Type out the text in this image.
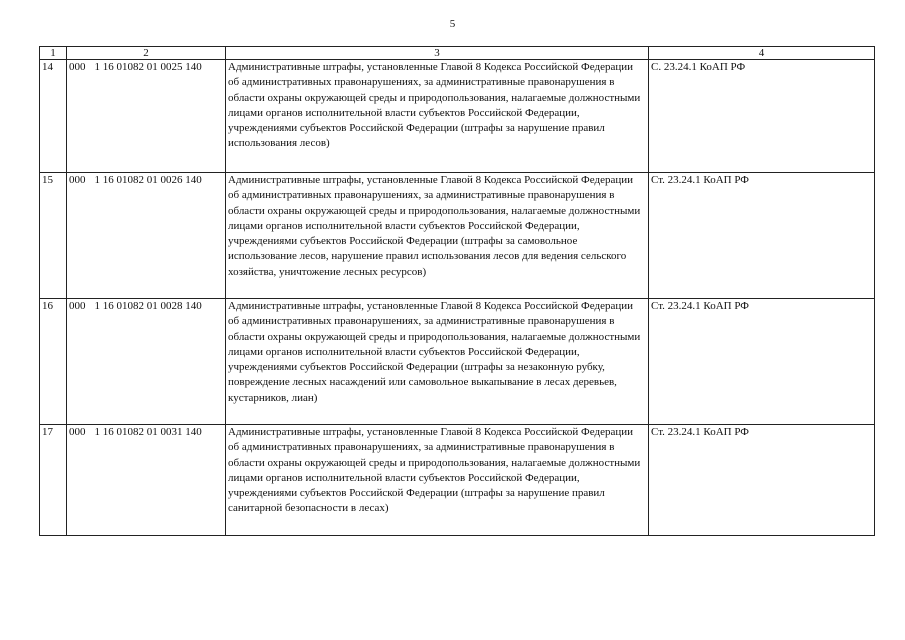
5
1	2	3	4
14	000 1 16 01082 01 0025 140	Административные штрафы, установленные Главой 8 Кодекса Российской Федерации об административных правонарушениях, за административные правонарушения в области охраны окружающей среды и природопользования, налагаемые должностными лицами органов исполнительной власти субъектов Российской Федерации, учреждениями субъектов Российской Федерации (штрафы за нарушение правил использования лесов)	С. 23.24.1 КоАП РФ
15	000 1 16 01082 01 0026 140	Административные штрафы, установленные Главой 8 Кодекса Российской Федерации об административных правонарушениях, за административные правонарушения в области охраны окружающей среды и природопользования, налагаемые должностными лицами органов исполнительной власти субъектов Российской Федерации, учреждениями субъектов Российской Федерации (штрафы за самовольное использование лесов, нарушение правил использования лесов для ведения сельского хозяйства, уничтожение лесных ресурсов)	Ст. 23.24.1 КоАП РФ
16	000 1 16 01082 01 0028 140	Административные штрафы, установленные Главой 8 Кодекса Российской Федерации об административных правонарушениях, за административные правонарушения в области охраны окружающей среды и природопользования, налагаемые должностными лицами органов исполнительной власти субъектов Российской Федерации, учреждениями субъектов Российской Федерации (штрафы за незаконную рубку, повреждение лесных насаждений или самовольное выкапывание в лесах деревьев, кустарников, лиан)	Ст. 23.24.1 КоАП РФ
17	000 1 16 01082 01 0031 140	Административные штрафы, установленные Главой 8 Кодекса Российской Федерации об административных правонарушениях, за административные правонарушения в области охраны окружающей среды и природопользования, налагаемые должностными лицами органов исполнительной власти субъектов Российской Федерации, учреждениями субъектов Российской Федерации (штрафы за нарушение правил санитарной безопасности в лесах)	Ст. 23.24.1 КоАП РФ
